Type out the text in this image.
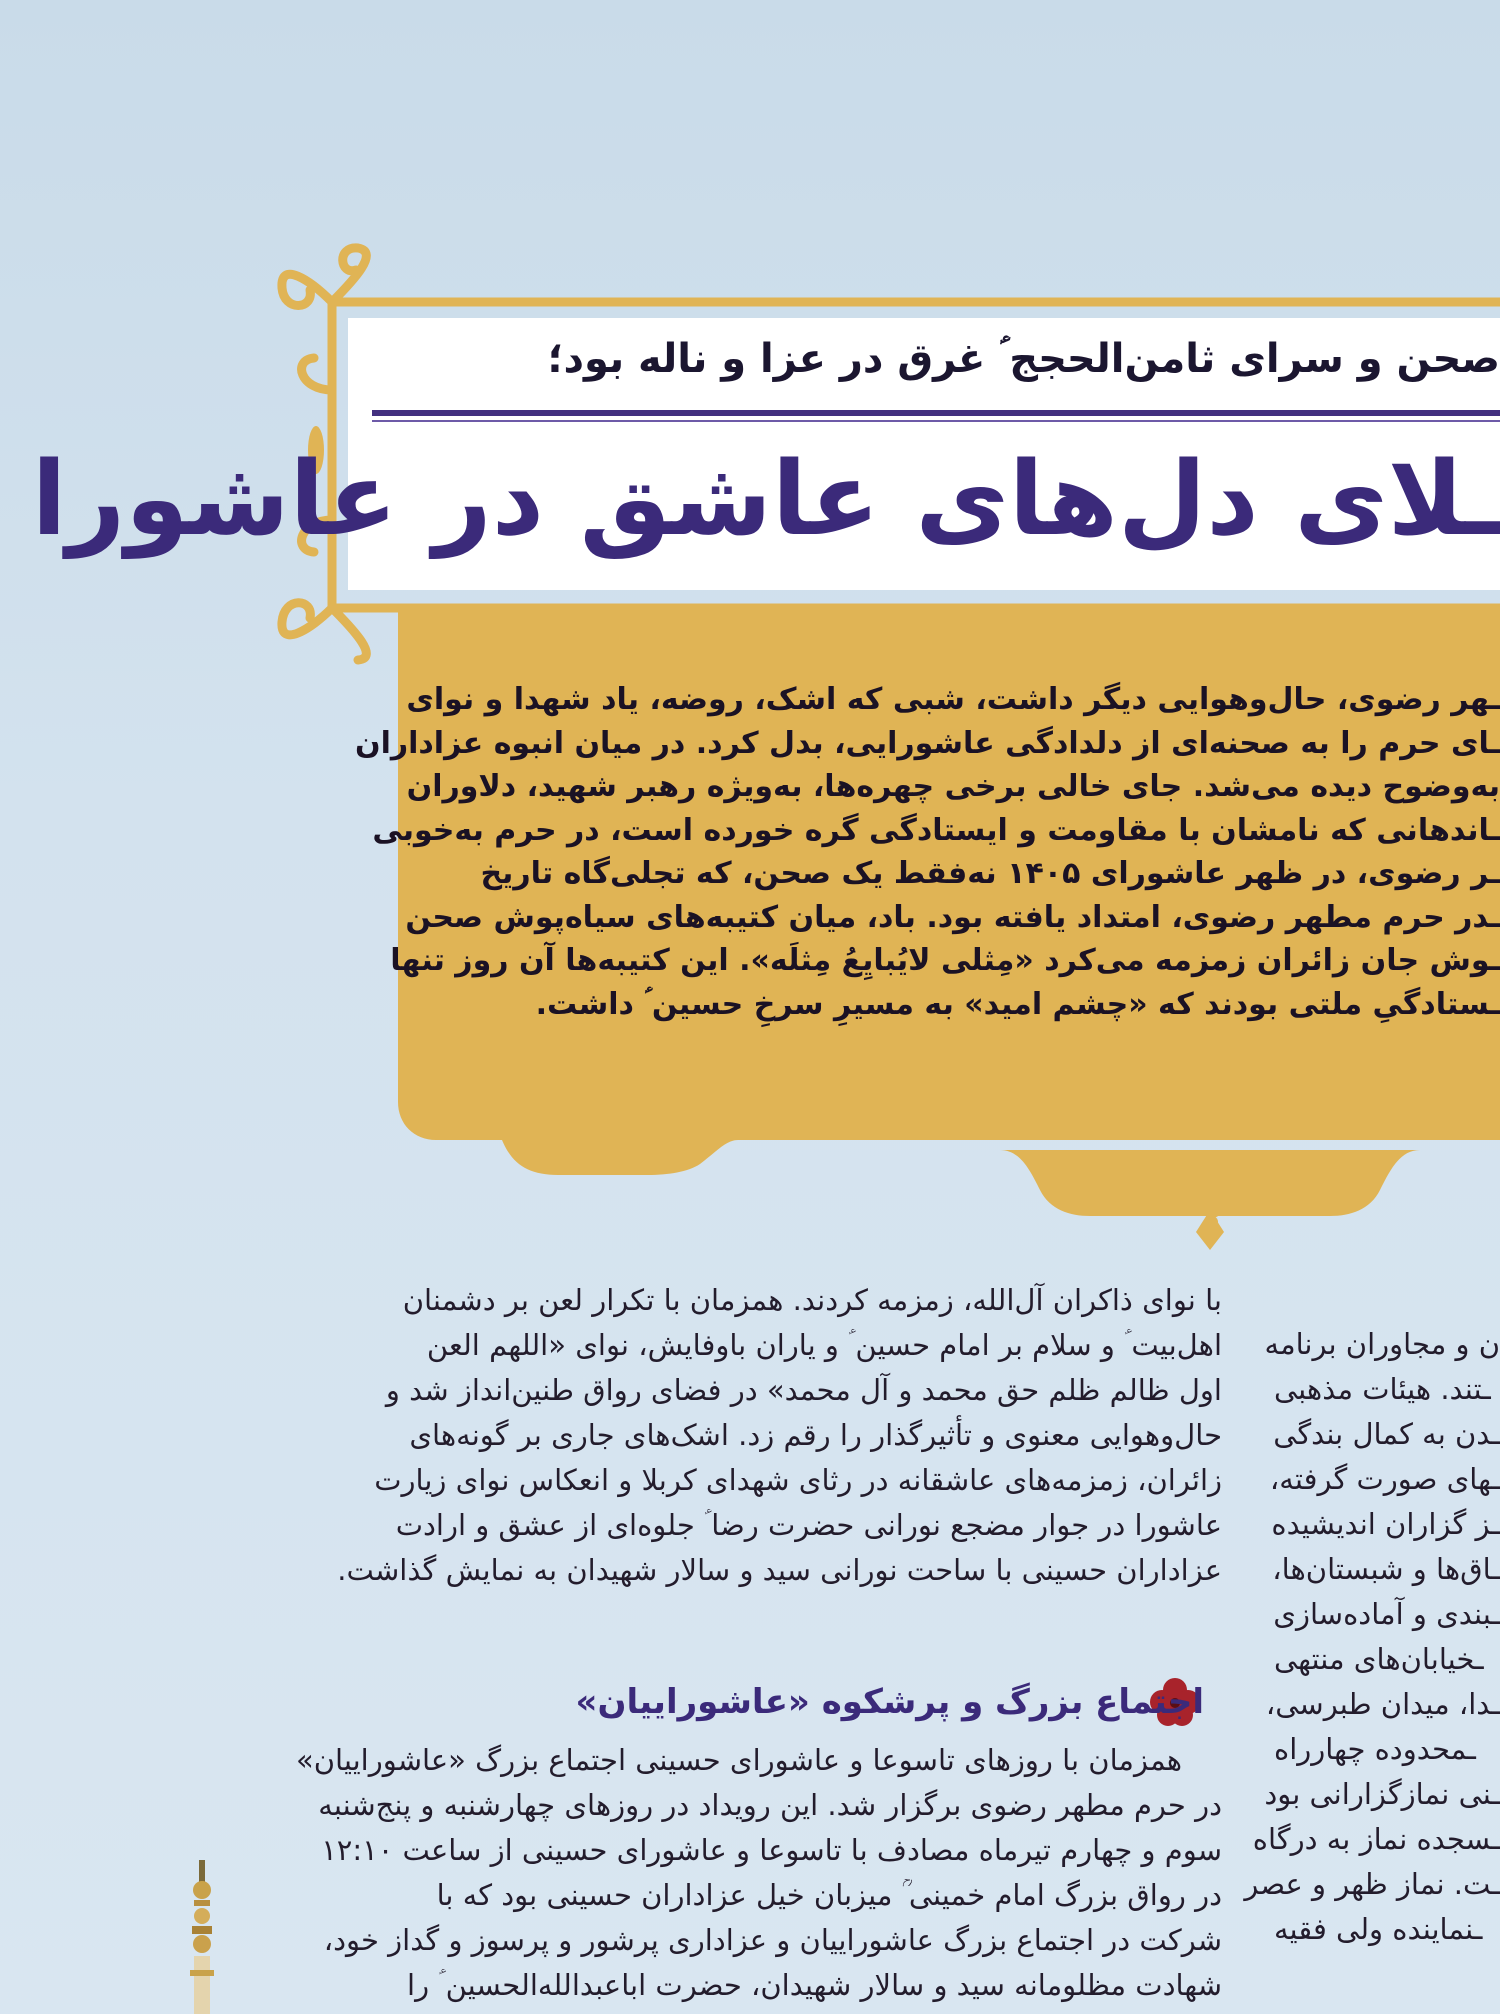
صحن و سرای ثامن‌الحجج ؑ غرق در عزا و ناله بود؛
ـلای دل‌های عاشق در عاشورا

ـهر رضوی، حال‌وهوایی دیگر داشت، شبی که اشک، روضه، یاد شهدا و نوای

ـای حرم را به صحنه‌ای از دلدادگی عاشورایی، بدل کرد. در میان انبوه عزاداران

به‌وضوح دیده می‌شد. جای خالی برخی چهره‌ها، به‌ویژه رهبر شهید، دلاوران

ـاندهانی که نامشان با مقاومت و ایستادگی گره خورده است، در حرم به‌خوبی

ـر رضوی، در ظهر عاشورای ۱۴۰۵ نه‌فقط یک صحن، که تجلی‌گاه تاریخ

ـدر حرم مطهر رضوی، امتداد یافته بود. باد، میان کتیبه‌های سیاه‌پوش صحن

ـوش جان زائران زمزمه می‌کرد «مِثلی لایُبایِعُ مِثلَه». این کتیبه‌ها آن روز تنها

ـستادگیِ ملتی بودند که «چشم امید» به مسیرِ سرخِ حسین ؑ داشت.

با نوای ذاکران آل‌الله، زمزمه کردند. همزمان با تکرار لعن بر دشمنان

اهل‌بیت ؑ و سلام بر امام حسین ؑ و یاران باوفایش، نوای «اللهم العن

اول ظالم ظلم حق محمد و آل محمد» در فضای رواق طنین‌انداز شد و

حال‌وهوایی معنوی و تأثیرگذار را رقم زد. اشک‌های جاری بر گونه‌های

زائران، زمزمه‌های عاشقانه در رثای شهدای کربلا و انعکاس نوای زیارت

عاشورا در جوار مضجع نورانی حضرت رضا ؑ جلوه‌ای از عشق و ارادت

عزاداران حسینی با ساحت نورانی سید و سالار شهیدان به نمایش گذاشت.

اجتماع بزرگ و پرشکوه «عاشوراییان»

همزمان با روزهای تاسوعا و عاشورای حسینی اجتماع بزرگ «عاشوراییان»

در حرم مطهر رضوی برگزار شد. این رویداد در روزهای چهارشنبه و پنج‌شنبه

سوم و چهارم تیرماه مصادف با تاسوعا و عاشورای حسینی از ساعت ۱۲:۱۰

در رواق بزرگ امام خمینی ؒ میزبان خیل عزاداران حسینی بود که با

شرکت در اجتماع بزرگ عاشوراییان و عزاداری پرشور و پرسوز و گداز خود،

شهادت مظلومانه سید و سالار شهیدان، حضرت اباعبدالله‌الحسین ؑ را

ن و مجاوران برنامه

ـتند. هیئات مذهبی

ـدن به کمال بندگی

ـهای صورت گرفته،

ـز گزاران اندیشیده

ـاق‌ها و شبستان‌ها،

ـبندی و آماده‌سازی

ـخیابان‌های منتهی

ـدا، میدان طبرسی،

ـمحدوده چهارراه

ـنی نمازگزارانی بود

ـسجده نماز به درگاه

ـت. نماز ظهر و عصر

ـنماینده ولی فقیه
